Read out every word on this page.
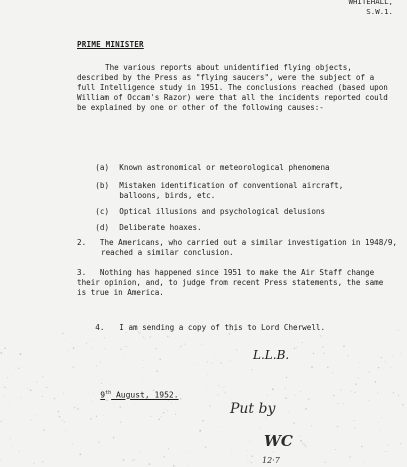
WHITEHALL,
S.W.1.
PRIME MINISTER
The various reports about unidentified flying objects, described by the Press as "flying saucers", were the subject of a full Intelligence study in 1951. The conclusions reached (based upon William of Occam's Razor) were that all the incidents reported could be explained by one or other of the following causes:-

(a) Known astronomical or meteorological phenomena

(b) Mistaken identification of conventional aircraft,
balloons, birds, etc.

(c) Optical illusions and psychological delusions

(d) Deliberate hoaxes.

2. The Americans, who carried out a similar investigation in 1948/9, reached a similar conclusion.
3. Nothing has happened since 1951 to make the Air Staff change their opinion, and, to judge from recent Press statements, the same is true in America.

4. I am sending a copy of this to Lord Cherwell.

L.L.B.

9th August, 1952.

Put by
WC
12·7
